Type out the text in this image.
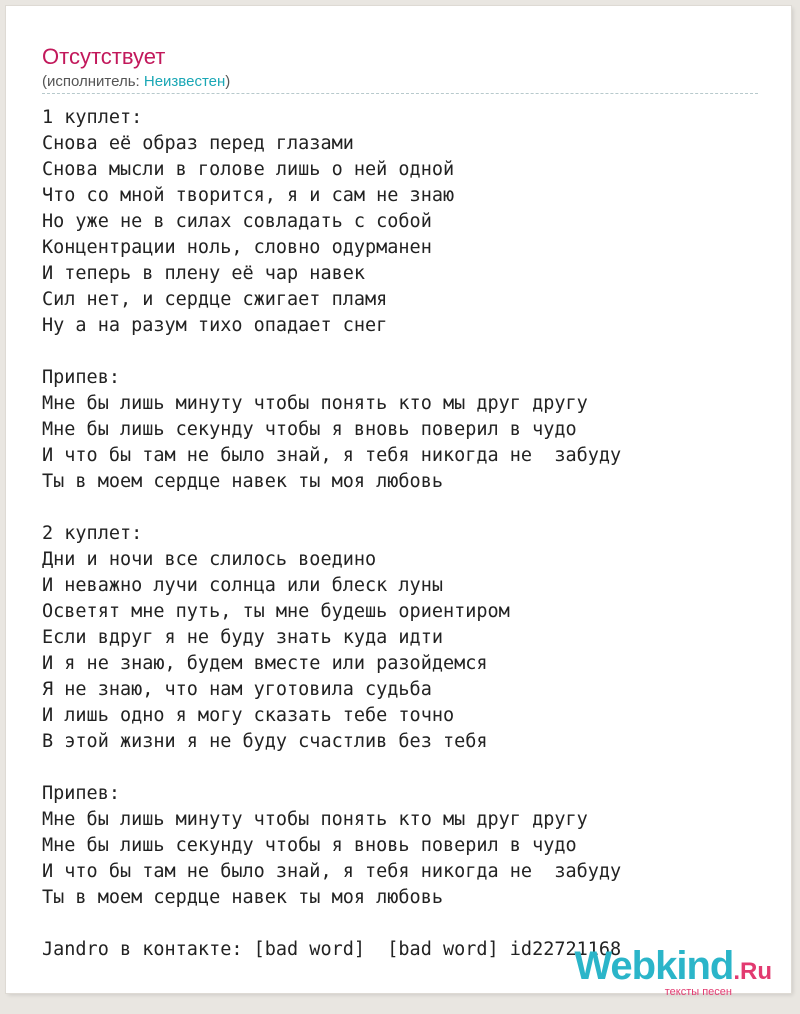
Отсутствует
(исполнитель: Неизвестен)
1 куплет:
Снова её образ перед глазами
Снова мысли в голове лишь о ней одной
Что со мной творится, я и сам не знаю
Но уже не в силах совладать с собой
Концентрации ноль, словно одурманен
И теперь в плену её чар навек
Сил нет, и сердце сжигает пламя
Ну а на разум тихо опадает снег

Припев:
Мне бы лишь минуту чтобы понять кто мы друг другу
Мне бы лишь секунду чтобы я вновь поверил в чудо
И что бы там не было знай, я тебя никогда не  забуду
Ты в моем сердце навек ты моя любовь

2 куплет:
Дни и ночи все слилось воедино
И неважно лучи солнца или блеск луны
Осветят мне путь, ты мне будешь ориентиром
Если вдруг я не буду знать куда идти
И я не знаю, будем вместе или разойдемся
Я не знаю, что нам уготовила судьба
И лишь одно я могу сказать тебе точно
В этой жизни я не буду счастлив без тебя

Припев:
Мне бы лишь минуту чтобы понять кто мы друг другу
Мне бы лишь секунду чтобы я вновь поверил в чудо
И что бы там не было знай, я тебя никогда не  забуду
Ты в моем сердце навек ты моя любовь

Jandro в контакте: [bad word]  [bad word] id22721168
Webkind.Ru
тексты песен
